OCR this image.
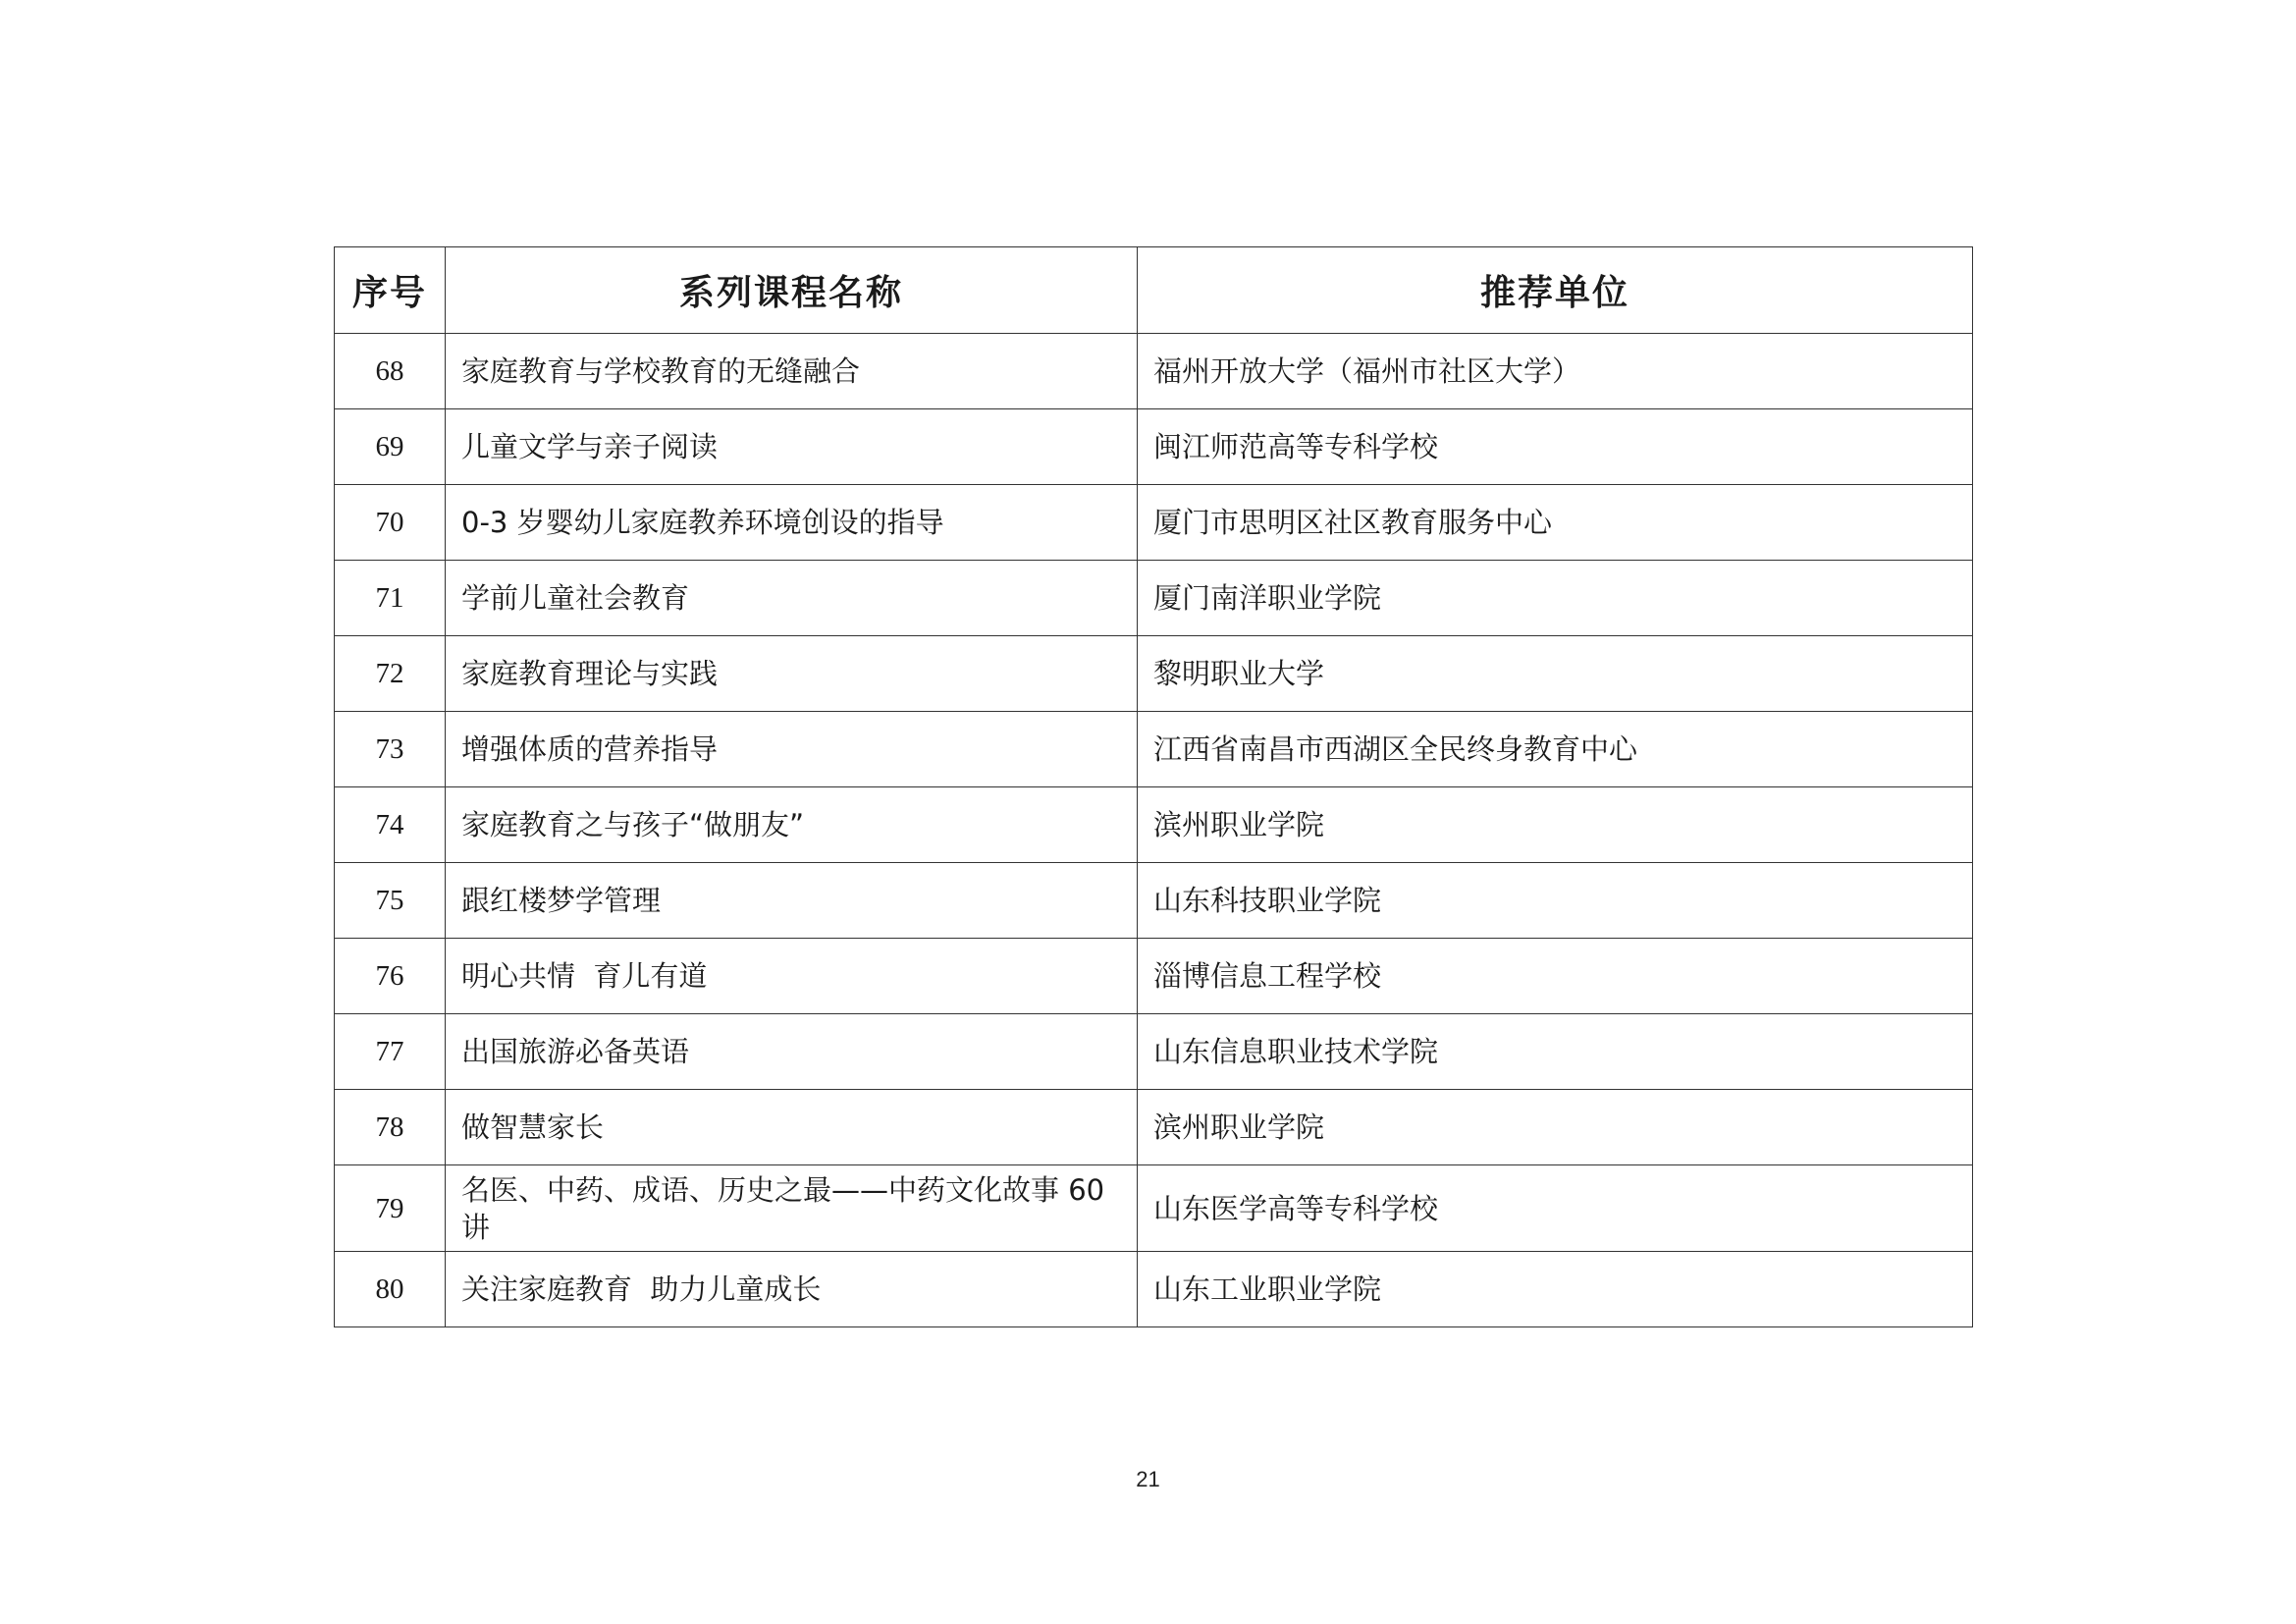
序号	系列课程名称	推荐单位
68	家庭教育与学校教育的无缝融合	福州开放大学（福州市社区大学）
69	儿童文学与亲子阅读	闽江师范高等专科学校
70	0-3 岁婴幼儿家庭教养环境创设的指导	厦门市思明区社区教育服务中心
71	学前儿童社会教育	厦门南洋职业学院
72	家庭教育理论与实践	黎明职业大学
73	增强体质的营养指导	江西省南昌市西湖区全民终身教育中心
74	家庭教育之与孩子“做朋友”	滨州职业学院
75	跟红楼梦学管理	山东科技职业学院
76	明心共情  育儿有道	淄博信息工程学校
77	出国旅游必备英语	山东信息职业技术学院
78	做智慧家长	滨州职业学院
79	名医、中药、成语、历史之最——中药文化故事 60 讲	山东医学高等专科学校
80	关注家庭教育  助力儿童成长	山东工业职业学院
21
